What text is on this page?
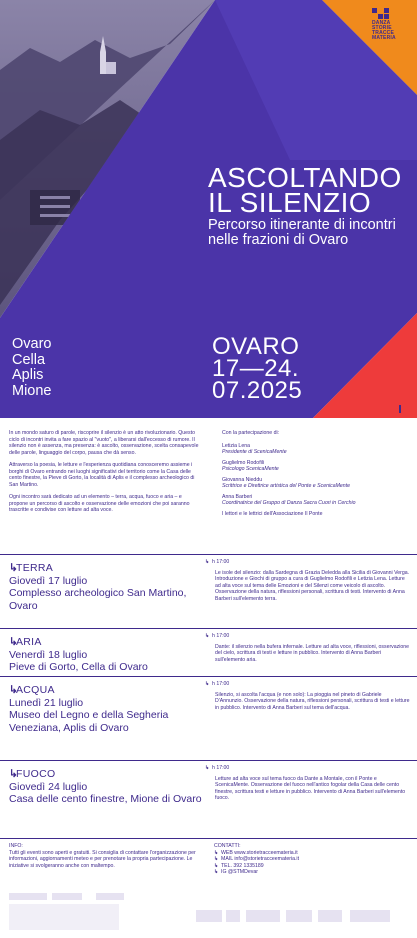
DANZA
STORIE
TRACCE
MATERIA
ASCOLTANDO
IL SILENZIO
Percorso itinerante di incontri nelle frazioni di Ovaro
Ovaro
Cella
Aplis
Mione
OVARO
17—24.
07.2025

In un mondo saturo di parole, riscoprire il silenzio è un atto rivoluzionario. Questo ciclo di incontri invita a fare spazio al "vuoto", a liberarsi dall'eccesso di rumore. Il silenzio non è assenza, ma presenza: è ascolto, osservazione, scelta consapevole delle parole, linguaggio del corpo, pausa che dà senso.

Attraverso la poesia, le letture e l'esperienza quotidiana conosceremo assieme i borghi di Ovaro entrando nei luoghi significativi del territorio come la Casa delle cento finestre, la Pieve di Gorto, la località di Aplis e il complesso archeologico di San Martino.

Ogni incontro sarà dedicato ad un elemento – terra, acqua, fuoco e aria – e propone un percorso di ascolto e osservazione delle emozioni che poi saranno trascritte e condivise con letture ad alta voce.

Con la partecipazione di:
Letizia Lena
Presidente di ScenicaMente
Guglielmo Rodofili
Psicologo ScenicaMente
Giovanna Nieddu
Scrittrice e Direttrice artistica del Ponte e ScenicaMente
Anna Barberi
Coordinatrice del Gruppo di Danza Sacra Cuori in Cerchio
I lettori e le lettrici dell'Associazione Il Ponte
↳TERRA
Giovedì 17 luglio
Complesso archeologico San Martino, Ovaro
↳ h 17:00
Le isole del silenzio: dalla Sardegna di Grazia Deledda alla Sicilia di Giovanni Verga. Introduzione e Giochi di gruppo a cura di Guglielmo Rodofili e Letizia Lena. Letture ad alta voce sul tema delle Emozioni e del Silenzi come veicolo di ascolto. Osservazione della natura, riflessioni personali, scrittura di testi. Intervento di Anna Barberi sull'elemento terra.
↳ARIA
Venerdì 18 luglio
Pieve di Gorto, Cella di Ovaro
↳ h 17:00
Dante: il silenzio nella bufera infernale. Letture ad alta voce, riflessioni, osservazione del cielo, scrittura di testi e letture in pubblico. Intervento di Anna Barberi sull'elemento aria.
↳ACQUA
Lunedì 21 luglio
Museo del Legno e della Segheria Veneziana, Aplis di Ovaro
↳ h 17:00
Silenzio, si ascolta l'acqua (e non solo): La pioggia nel pineto di Gabriele D'Annunzio. Osservazione della natura, riflessioni personali, scrittura di testi e letture in pubblico. Intervento di Anna Barberi sul tema dell'acqua.
↳FUOCO
Giovedì 24 luglio
Casa delle cento finestre, Mione di Ovaro
↳ h 17:00
Letture ad alta voce sul tema fuoco da Dante a Montale, con il Ponte e ScenicaMente. Osservazione del fuoco nell'antico fogolar della Casa delle cento finestre, scrittura testi e letture in pubblico. Intervento di Anna Barberi sull'elemento fuoco.
INFO:
Tutti gli eventi sono aperti e gratuiti. Si consiglia di contattare l'organizzazione per informazioni, aggiornamenti meteo e per prenotare la propria partecipazione. Le iniziative si svolgeranno anche con maltempo.
CONTATTI:
↳ WEB www.storietracceemateria.it
↳ MAIL info@storietracceemateria.it
↳ TEL. 392 1335189
↳ IG @STMDevar
